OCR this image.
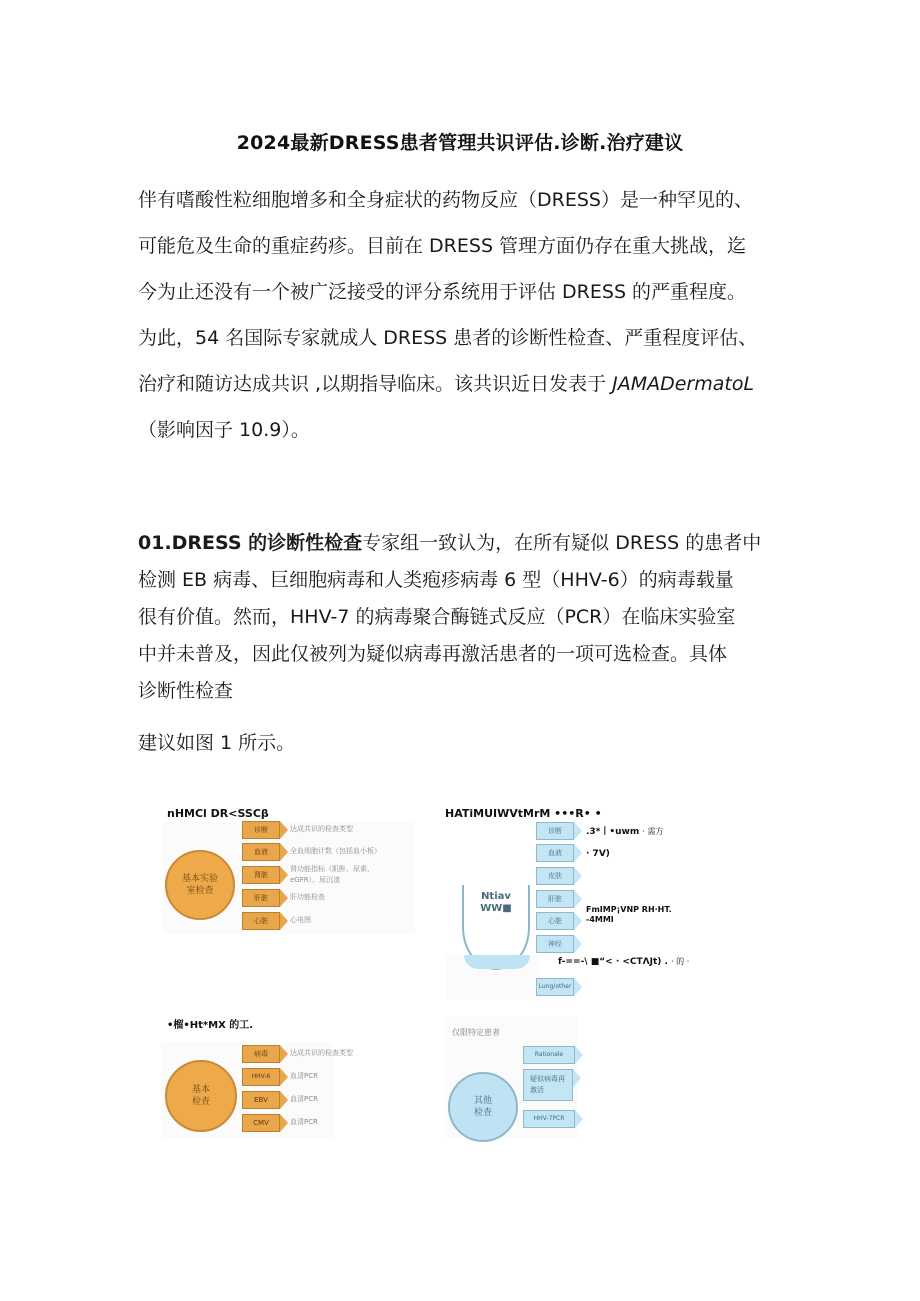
2024最新DRESS患者管理共识评估.诊断.治疗建议
伴有嗜酸性粒细胞增多和全身症状的药物反应（DRESS）是一种罕见的、
可能危及生命的重症药疹。目前在 DRESS 管理方面仍存在重大挑战，迄
今为止还没有一个被广泛接受的评分系统用于评估 DRESS 的严重程度。
为此，54 名国际专家就成人 DRESS 患者的诊断性检查、严重程度评估、
治疗和随访达成共识 ,以期指导临床。该共识近日发表于 JAMADermatoL
（影响因子 10.9）。
01.DRESS 的诊断性检查专家组一致认为，在所有疑似 DRESS 的患者中
检测 EB 病毒、巨细胞病毒和人类疱疹病毒 6 型（HHV-6）的病毒载量
很有价值。然而，HHV-7 的病毒聚合酶链式反应（PCR）在临床实验室
中并未普及，因此仅被列为疑似病毒再激活患者的一项可选检查。具体
诊断性检查
建议如图 1 所示。
nHMCl DR<SSCβ
基本实验室检查
诊断
血液
肾脏
肝脏
心脏
达成共识的检查类型
全血细胞计数（包括血小板）
肾功能指标（肌酐、尿素、
eGFR）、尿沉渣
肝功能检查
心电图
HATiMUIWVtMrM •••R• •
Ntiav
WW■
诊断
血液
皮肤
肝脏
心脏
神经
Lung/other
.3*丨•uwm · 需方
· 7V)
FmIMP¡VNP RH·HT.
-4MMI
f-==-\ ■“< · <CTΛJt) . · 的 ·
•榴•Ht*MX 的工.
基本检查
病毒
HHV-6
EBV
CMV
达成共识的检查类型
血清PCR
血清PCR
血清PCR
仅限特定患者
其他检查
Rationale
疑似病毒再激活
HHV-7PCR
